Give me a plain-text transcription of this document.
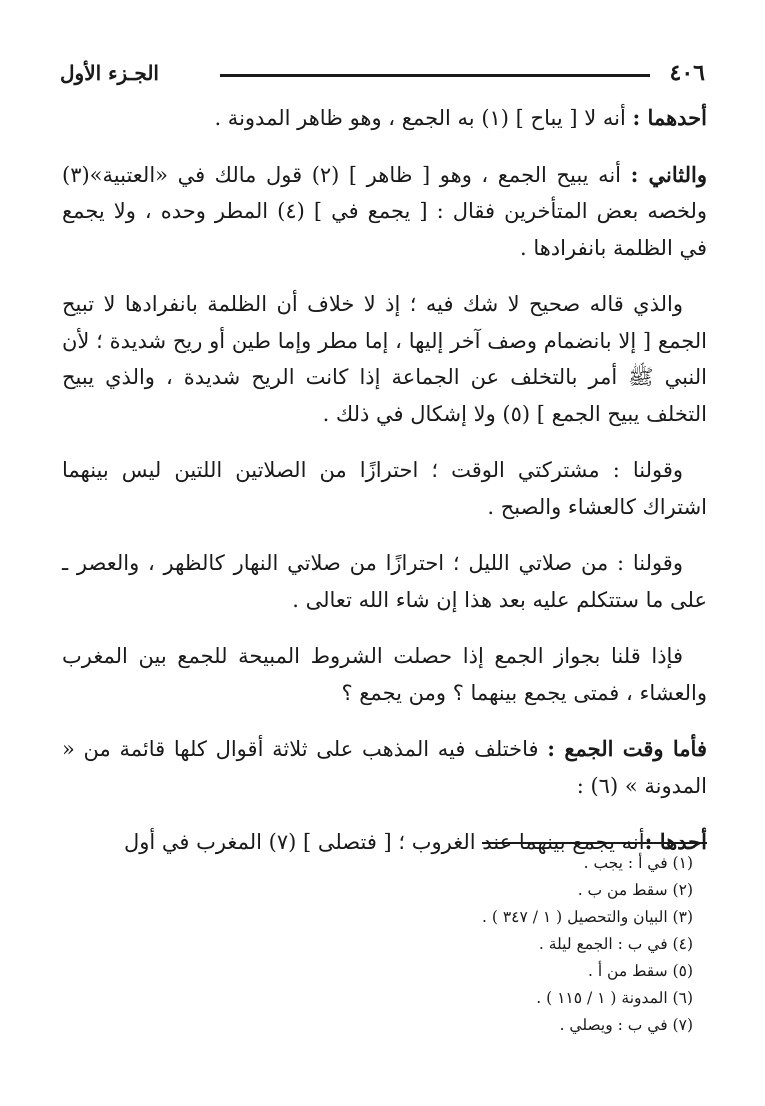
٤٠٦
الجـزء الأول

أحدهما : أنه لا [ يباح ] (١) به الجمع ، وهو ظاهر المدونة .

والثاني : أنه يبيح الجمع ، وهو [ ظاهر ] (٢) قول مالك في «العتبية»(٣) ولخصه بعض المتأخرين فقال : [ يجمع في ] (٤) المطر وحده ، ولا يجمع في الظلمة بانفرادها .

والذي قاله صحيح لا شك فيه ؛ إذ لا خلاف أن الظلمة بانفرادها لا تبيح الجمع [ إلا بانضمام وصف آخر إليها ، إما مطر وإما طين أو ريح شديدة ؛ لأن النبي ﷺ أمر بالتخلف عن الجماعة إذا كانت الريح شديدة ، والذي يبيح التخلف يبيح الجمع ] (٥) ولا إشكال في ذلك .

وقولنا : مشتركتي الوقت ؛ احترازًا من الصلاتين اللتين ليس بينهما اشتراك كالعشاء والصبح .

وقولنا : من صلاتي الليل ؛ احترازًا من صلاتي النهار كالظهر ، والعصر ـ على ما ستتكلم عليه بعد هذا إن شاء الله تعالى .

فإذا قلنا بجواز الجمع إذا حصلت الشروط المبيحة للجمع بين المغرب والعشاء ، فمتى يجمع بينهما ؟ ومن يجمع ؟

فأما وقت الجمع : فاختلف فيه المذهب على ثلاثة أقوال كلها قائمة من « المدونة » (٦) :

أحدها :أنه يجمع بينهما عند الغروب ؛ [ فتصلى ] (٧) المغرب في أول

(١) في أ : يجب .
(٢) سقط من ب .
(٣) البيان والتحصيل ( ١ / ٣٤٧ ) .
(٤) في ب : الجمع ليلة .
(٥) سقط من أ .
(٦) المدونة ( ١ / ١١٥ ) .
(٧) في ب : ويصلي .
